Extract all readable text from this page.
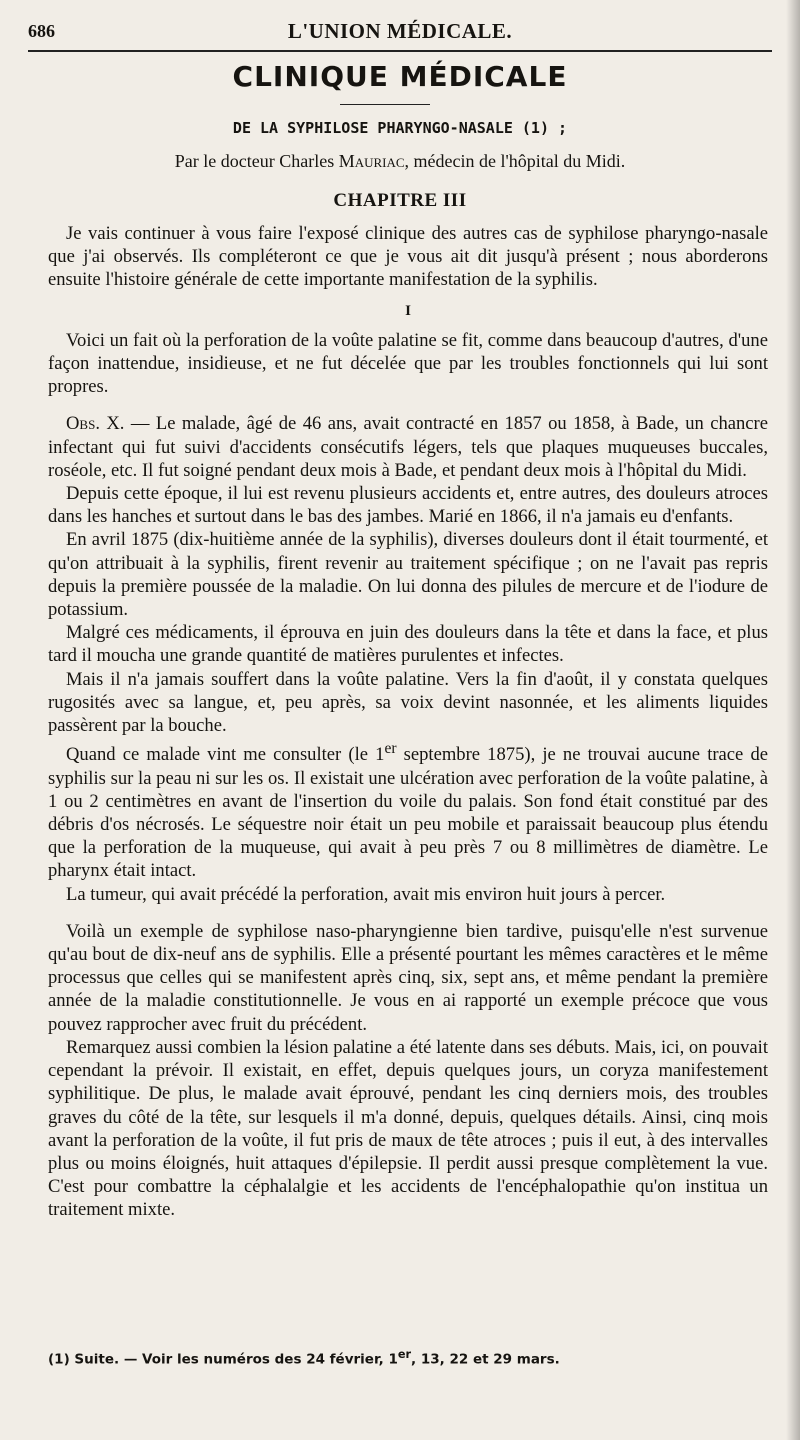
686	L'UNION MÉDICALE.
CLINIQUE MÉDICALE
DE LA SYPHILOSE PHARYNGO-NASALE (1) ;
Par le docteur Charles Mauriac, médecin de l'hôpital du Midi.
CHAPITRE III

Je vais continuer à vous faire l'exposé clinique des autres cas de syphilose pharyngo-nasale que j'ai observés. Ils compléteront ce que je vous ait dit jusqu'à présent ; nous aborderons ensuite l'histoire générale de cette importante manifestation de la syphilis.

I

Voici un fait où la perforation de la voûte palatine se fit, comme dans beaucoup d'autres, d'une façon inattendue, insidieuse, et ne fut décelée que par les troubles fonctionnels qui lui sont propres.

Obs. X. — Le malade, âgé de 46 ans, avait contracté en 1857 ou 1858, à Bade, un chancre infectant qui fut suivi d'accidents consécutifs légers, tels que plaques muqueuses buccales, roséole, etc. Il fut soigné pendant deux mois à Bade, et pendant deux mois à l'hôpital du Midi.

Depuis cette époque, il lui est revenu plusieurs accidents et, entre autres, des douleurs atroces dans les hanches et surtout dans le bas des jambes. Marié en 1866, il n'a jamais eu d'enfants.

En avril 1875 (dix-huitième année de la syphilis), diverses douleurs dont il était tourmenté, et qu'on attribuait à la syphilis, firent revenir au traitement spécifique ; on ne l'avait pas repris depuis la première poussée de la maladie. On lui donna des pilules de mercure et de l'iodure de potassium.

Malgré ces médicaments, il éprouva en juin des douleurs dans la tête et dans la face, et plus tard il moucha une grande quantité de matières purulentes et infectes.

Mais il n'a jamais souffert dans la voûte palatine. Vers la fin d'août, il y constata quelques rugosités avec sa langue, et, peu après, sa voix devint nasonnée, et les aliments liquides passèrent par la bouche.

Quand ce malade vint me consulter (le 1er septembre 1875), je ne trouvai aucune trace de syphilis sur la peau ni sur les os. Il existait une ulcération avec perforation de la voûte palatine, à 1 ou 2 centimètres en avant de l'insertion du voile du palais. Son fond était constitué par des débris d'os nécrosés. Le séquestre noir était un peu mobile et paraissait beaucoup plus étendu que la perforation de la muqueuse, qui avait à peu près 7 ou 8 millimètres de diamètre. Le pharynx était intact.

La tumeur, qui avait précédé la perforation, avait mis environ huit jours à percer.

Voilà un exemple de syphilose naso-pharyngienne bien tardive, puisqu'elle n'est survenue qu'au bout de dix-neuf ans de syphilis. Elle a présenté pourtant les mêmes caractères et le même processus que celles qui se manifestent après cinq, six, sept ans, et même pendant la première année de la maladie constitutionnelle. Je vous en ai rapporté un exemple précoce que vous pouvez rapprocher avec fruit du précédent.

Remarquez aussi combien la lésion palatine a été latente dans ses débuts. Mais, ici, on pouvait cependant la prévoir. Il existait, en effet, depuis quelques jours, un coryza manifestement syphilitique. De plus, le malade avait éprouvé, pendant les cinq derniers mois, des troubles graves du côté de la tête, sur lesquels il m'a donné, depuis, quelques détails. Ainsi, cinq mois avant la perforation de la voûte, il fut pris de maux de tête atroces ; puis il eut, à des intervalles plus ou moins éloignés, huit attaques d'épilepsie. Il perdit aussi presque complètement la vue. C'est pour combattre la céphalalgie et les accidents de l'encéphalopathie qu'on institua un traitement mixte.

(1) Suite. — Voir les numéros des 24 février, 1er, 13, 22 et 29 mars.
